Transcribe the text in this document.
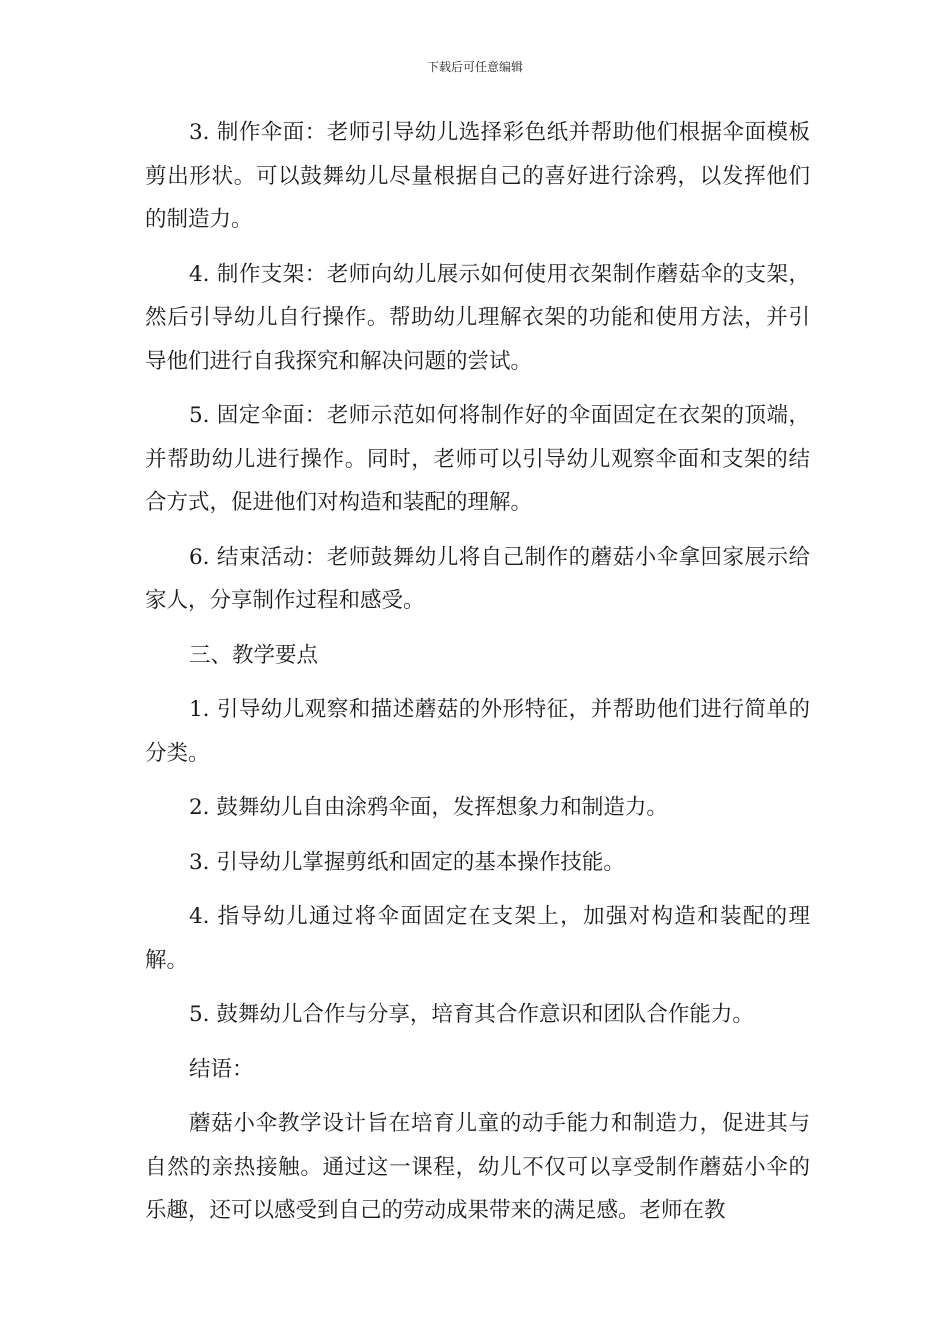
下载后可任意编辑

3. 制作伞面：老师引导幼儿选择彩色纸并帮助他们根据伞面模板剪出形状。可以鼓舞幼儿尽量根据自己的喜好进行涂鸦，以发挥他们的制造力。

4. 制作支架：老师向幼儿展示如何使用衣架制作蘑菇伞的支架，然后引导幼儿自行操作。帮助幼儿理解衣架的功能和使用方法，并引导他们进行自我探究和解决问题的尝试。

5. 固定伞面：老师示范如何将制作好的伞面固定在衣架的顶端，并帮助幼儿进行操作。同时，老师可以引导幼儿观察伞面和支架的结合方式，促进他们对构造和装配的理解。

6. 结束活动：老师鼓舞幼儿将自己制作的蘑菇小伞拿回家展示给家人，分享制作过程和感受。

三、教学要点

1. 引导幼儿观察和描述蘑菇的外形特征，并帮助他们进行简单的分类。

2. 鼓舞幼儿自由涂鸦伞面，发挥想象力和制造力。

3. 引导幼儿掌握剪纸和固定的基本操作技能。

4. 指导幼儿通过将伞面固定在支架上，加强对构造和装配的理解。

5. 鼓舞幼儿合作与分享，培育其合作意识和团队合作能力。

结语：

蘑菇小伞教学设计旨在培育儿童的动手能力和制造力，促进其与自然的亲热接触。通过这一课程，幼儿不仅可以享受制作蘑菇小伞的乐趣，还可以感受到自己的劳动成果带来的满足感。老师在教
